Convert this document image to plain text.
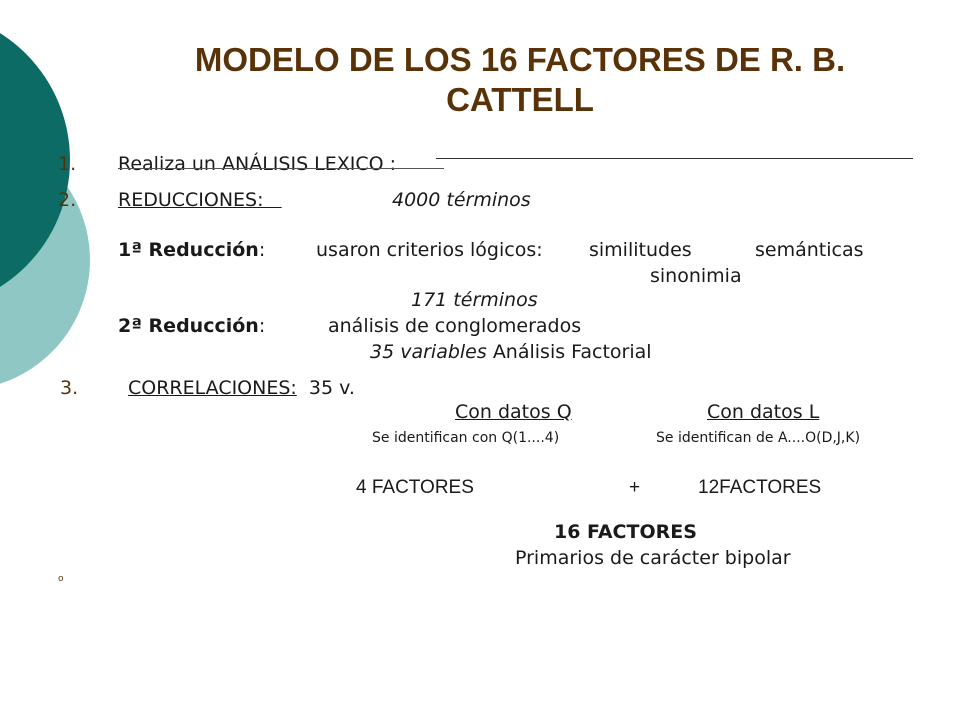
MODELO DE LOS 16 FACTORES DE R. B. CATTELL
1. Realiza un ANÁLISIS LEXICO :
2. REDUCCIONES:	4000 términos
1ª Reducción:	usaron criterios lógicos: similitudes	semánticas
sinonimia
171 términos
2ª Reducción:	análisis de conglomerados
35 variables Análisis Factorial
3.	CORRELACIONES: 35 v.
Con datos Q	Con datos L
Se identifican con Q(1....4)	Se identifican de A....O(D,J,K)
4 FACTORES	+	12FACTORES
16 FACTORES
Primarios de carácter bipolar
o
